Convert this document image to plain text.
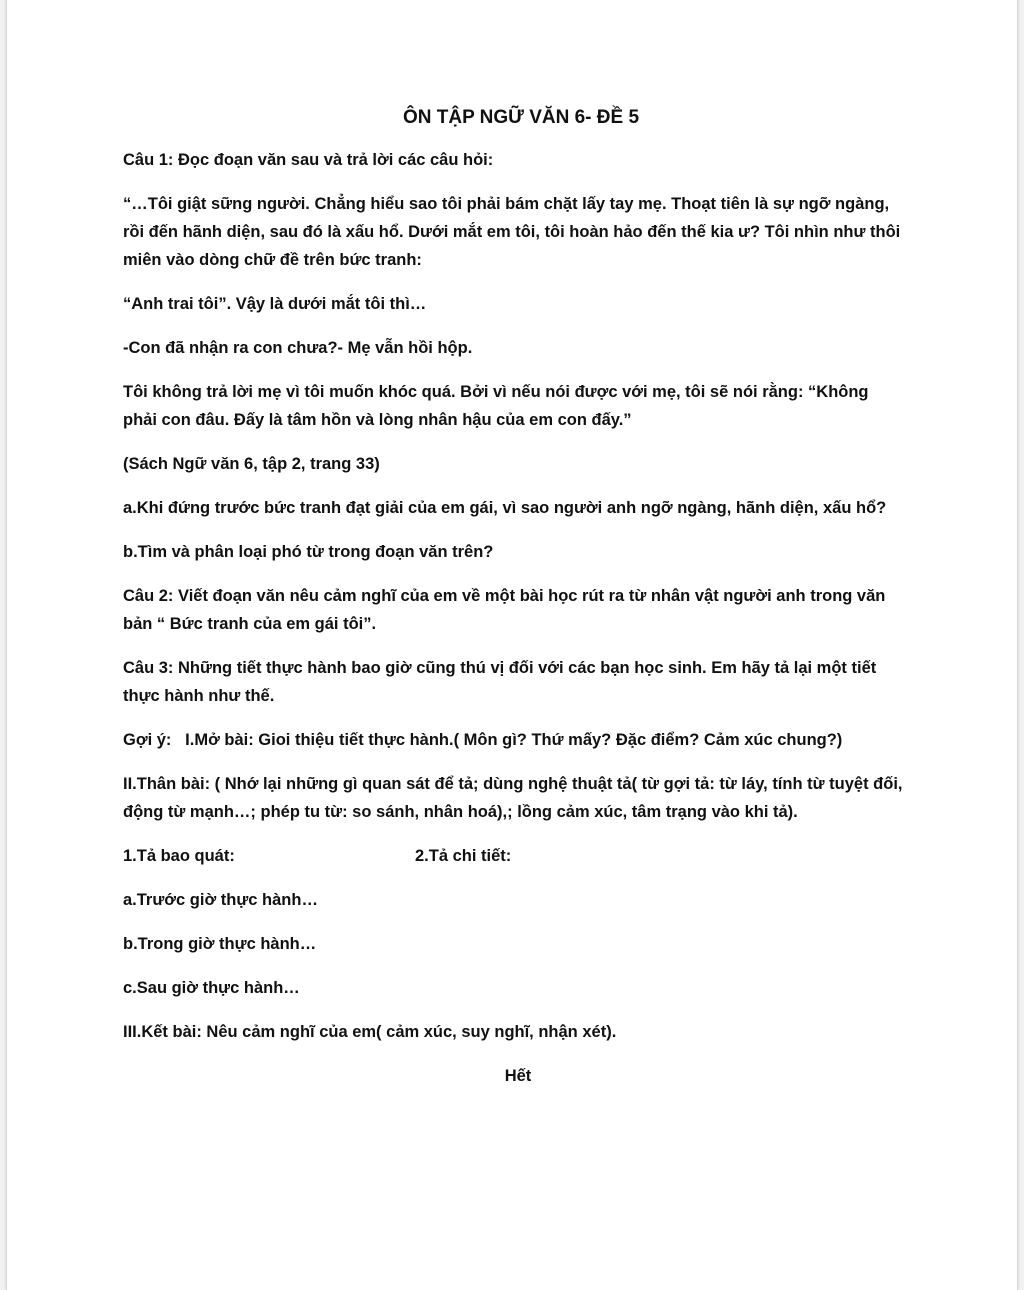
ÔN TẬP NGỮ VĂN 6- ĐỀ 5
Câu 1: Đọc đoạn văn sau và trả lời các câu hỏi:
“…Tôi giật sững người. Chẳng hiểu sao tôi phải bám chặt lấy tay mẹ. Thoạt tiên là sự ngỡ ngàng, rồi đến hãnh diện, sau đó là xấu hổ. Dưới mắt em tôi, tôi hoàn hảo đến thế kia ư? Tôi nhìn như thôi miên vào dòng chữ đề trên bức tranh:
“Anh trai tôi”. Vậy là dưới mắt tôi thì…
-Con đã nhận ra con chưa?- Mẹ vẫn hồi hộp.
Tôi không trả lời mẹ vì tôi muốn khóc quá. Bởi vì nếu nói được với mẹ, tôi sẽ nói rằng: “Không phải con đâu. Đấy là tâm hồn và lòng nhân hậu của em con đấy.”
(Sách Ngữ văn 6, tập 2, trang 33)
a.Khi đứng trước bức tranh đạt giải của em gái, vì sao người anh ngỡ ngàng, hãnh diện, xấu hổ?
b.Tìm và phân loại phó từ trong đoạn văn trên?
Câu 2: Viết đoạn văn nêu cảm nghĩ của em về một bài học rút ra từ nhân vật người anh trong văn bản “ Bức tranh của em gái tôi”.
Câu 3: Những tiết thực hành bao giờ cũng thú vị đối với các bạn học sinh. Em hãy tả lại một tiết thực hành như thế.
Gợi ý:   I.Mở bài: Gioi thiệu tiết thực hành.( Môn gì? Thứ mấy? Đặc điểm? Cảm xúc chung?)
II.Thân bài: ( Nhớ lại những gì quan sát để tả; dùng nghệ thuật tả( từ gợi tả: từ láy, tính từ tuyệt đối, động từ mạnh…; phép tu từ: so sánh, nhân hoá),; lồng cảm xúc, tâm trạng vào khi tả).
1.Tả bao quát:	2.Tả chi tiết:
a.Trước giờ thực hành…
b.Trong giờ thực hành…
c.Sau giờ thực hành…
III.Kết bài: Nêu cảm nghĩ của em( cảm xúc, suy nghĩ, nhận xét).
Hết
